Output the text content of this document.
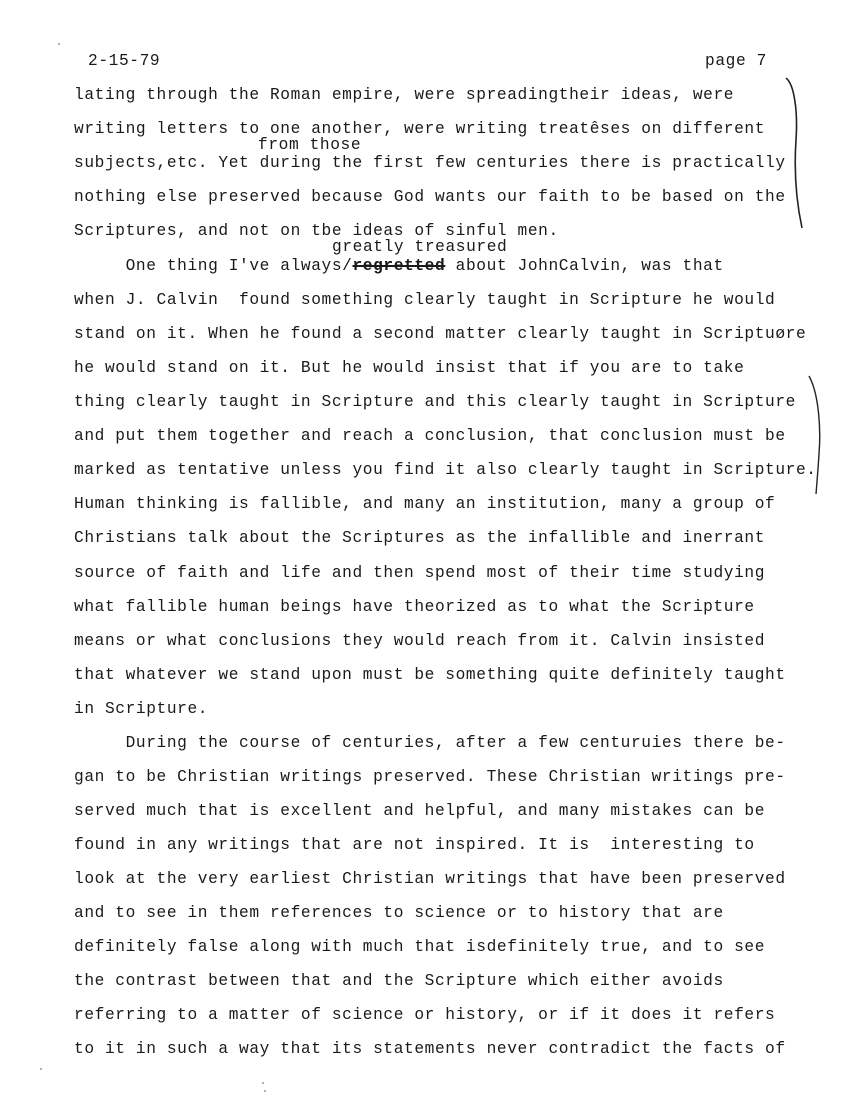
2-15-79	page 7
lating through the Roman empire, were spreadingtheir ideas, were
writing letters to one another, were writing treatêses on different
from those
subjects,etc. Yet during the first few centuries there is practically
nothing else preserved because God wants our faith to be based on the
Scriptures, and not on tbe ideas of sinful men.
greatly treasured
One thing I've always/regretted about JohnCalvin, was that
when J. Calvin  found something clearly taught in Scripture he would
stand on it. When he found a second matter clearly taught in Scriptuøre
he would stand on it. But he would insist that if you are to take
thing clearly taught in Scripture and this clearly taught in Scripture
and put them together and reach a conclusion, that conclusion must be
marked as tentative unless you find it also clearly taught in Scripture.
Human thinking is fallible, and many an institution, many a group of
Christians talk about the Scriptures as the infallible and inerrant
source of faith and life and then spend most of their time studying
what fallible human beings have theorized as to what the Scripture
means or what conclusions they would reach from it. Calvin insisted
that whatever we stand upon must be something quite definitely taught
in Scripture.
During the course of centuries, after a few centuruies there be-
gan to be Christian writings preserved. These Christian writings pre-
served much that is excellent and helpful, and many mistakes can be
found in any writings that are not inspired. It is  interesting to
look at the very earliest Christian writings that have been preserved
and to see in them references to science or to history that are
definitely false along with much that isdefinitely true, and to see
the contrast between that and the Scripture which either avoids
referring to a matter of science or history, or if it does it refers
to it in such a way that its statements never contradict the facts of
